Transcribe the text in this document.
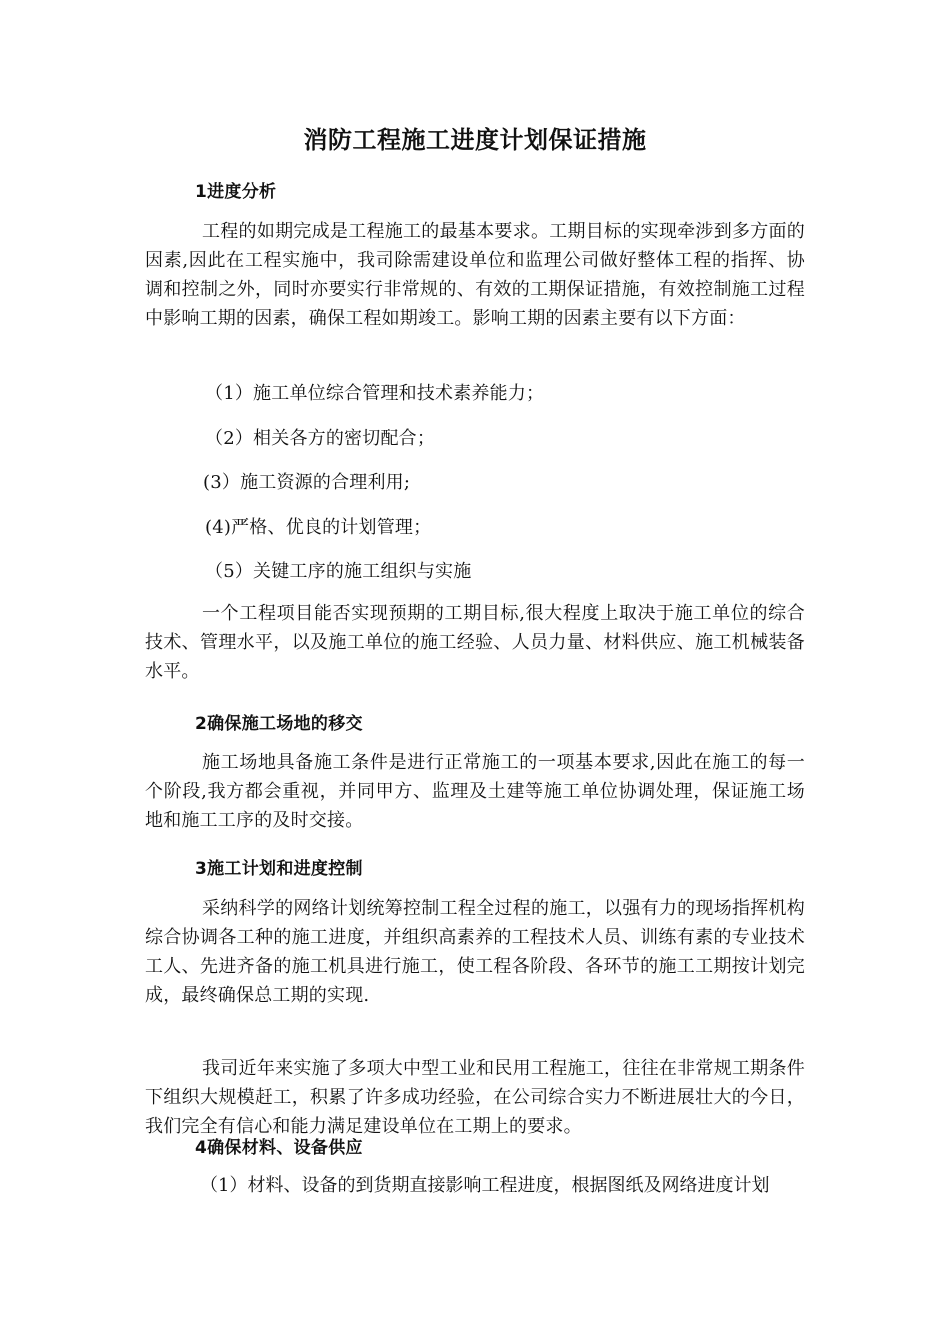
消防工程施工进度计划保证措施
1进度分析
工程的如期完成是工程施工的最基本要求。工期目标的实现牵涉到多方面的因素,因此在工程实施中，我司除需建设单位和监理公司做好整体工程的指挥、协调和控制之外，同时亦要实行非常规的、有效的工期保证措施，有效控制施工过程中影响工期的因素，确保工程如期竣工。影响工期的因素主要有以下方面：
（1）施工单位综合管理和技术素养能力；
（2）相关各方的密切配合；
(3）施工资源的合理利用;
(4)严格、优良的计划管理；
（5）关键工序的施工组织与实施
一个工程项目能否实现预期的工期目标,很大程度上取决于施工单位的综合技术、管理水平，以及施工单位的施工经验、人员力量、材料供应、施工机械装备水平。
2确保施工场地的移交
施工场地具备施工条件是进行正常施工的一项基本要求,因此在施工的每一个阶段,我方都会重视，并同甲方、监理及土建等施工单位协调处理，保证施工场地和施工工序的及时交接。
3施工计划和进度控制
采纳科学的网络计划统筹控制工程全过程的施工，以强有力的现场指挥机构综合协调各工种的施工进度，并组织高素养的工程技术人员、训练有素的专业技术工人、先进齐备的施工机具进行施工，使工程各阶段、各环节的施工工期按计划完成，最终确保总工期的实现.
我司近年来实施了多项大中型工业和民用工程施工，往往在非常规工期条件下组织大规模赶工，积累了许多成功经验，在公司综合实力不断进展壮大的今日，我们完全有信心和能力满足建设单位在工期上的要求。
4确保材料、设备供应
（1）材料、设备的到货期直接影响工程进度，根据图纸及网络进度计划
